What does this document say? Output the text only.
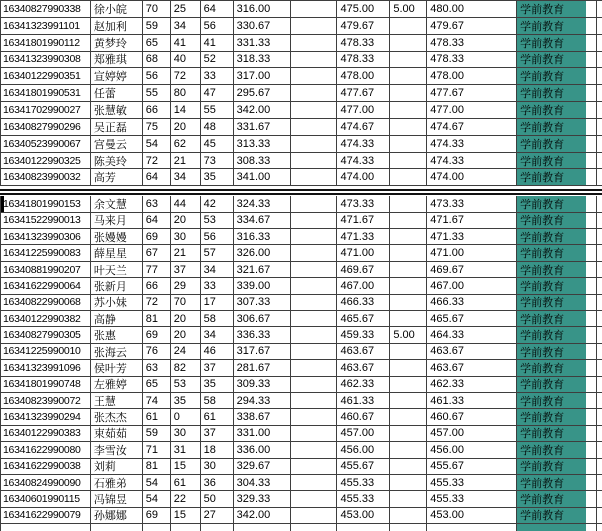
16340827990338	徐小皖	70	25	64	316.00	475.00	5.00	480.00	学前教育
16341323991101	赵加利	59	34	56	330.67	479.67	479.67	学前教育
16341801990112	黄梦玲	65	41	41	331.33	478.33	478.33	学前教育
16341323990308	郑雅琪	68	40	52	318.33	478.33	478.33	学前教育
16340122990351	宣婷婷	56	72	33	317.00	478.00	478.00	学前教育
16341801990531	任蕾	55	80	47	295.67	477.67	477.67	学前教育
16341702990027	张慧敏	66	14	55	342.00	477.00	477.00	学前教育
16340827990296	吴正磊	75	20	48	331.67	474.67	474.67	学前教育
16340523990067	宫曼云	54	62	45	313.33	474.33	474.33	学前教育
16340122990325	陈美玲	72	21	73	308.33	474.33	474.33	学前教育
16340823990032	高芳	64	34	35	341.00	474.00	474.00	学前教育
16341801990153	余文慧	63	44	42	324.33	473.33	473.33	学前教育
16341522990013	马来月	64	20	53	334.67	471.67	471.67	学前教育
16341323990306	张嫚嫚	69	30	56	316.33	471.33	471.33	学前教育
16341225990083	薛星星	67	21	57	326.00	471.00	471.00	学前教育
16340881990207	叶天兰	77	37	34	321.67	469.67	469.67	学前教育
16341622990064	张新月	66	29	33	339.00	467.00	467.00	学前教育
16340822990068	苏小妹	72	70	17	307.33	466.33	466.33	学前教育
16340122990382	高静	81	20	58	306.67	465.67	465.67	学前教育
16340827990305	张惠	69	20	34	336.33	459.33	5.00	464.33	学前教育
16341225990010	张海云	76	24	46	317.67	463.67	463.67	学前教育
16341323991096	侯叶芳	63	82	37	281.67	463.67	463.67	学前教育
16341801990748	左雅婷	65	53	35	309.33	462.33	462.33	学前教育
16340823990072	王慧	74	35	58	294.33	461.33	461.33	学前教育
16341323990294	张杰杰	61	0	61	338.67	460.67	460.67	学前教育
16340122990383	束茹茹	59	30	37	331.00	457.00	457.00	学前教育
16341622990080	李雪汝	71	31	18	336.00	456.00	456.00	学前教育
16341622990038	刘莉	81	15	30	329.67	455.67	455.67	学前教育
16340824990090	石雅弟	54	61	36	304.33	455.33	455.33	学前教育
16340601990115	冯锦昱	54	22	50	329.33	455.33	455.33	学前教育
16341622990079	孙娜娜	69	15	27	342.00	453.00	453.00	学前教育
